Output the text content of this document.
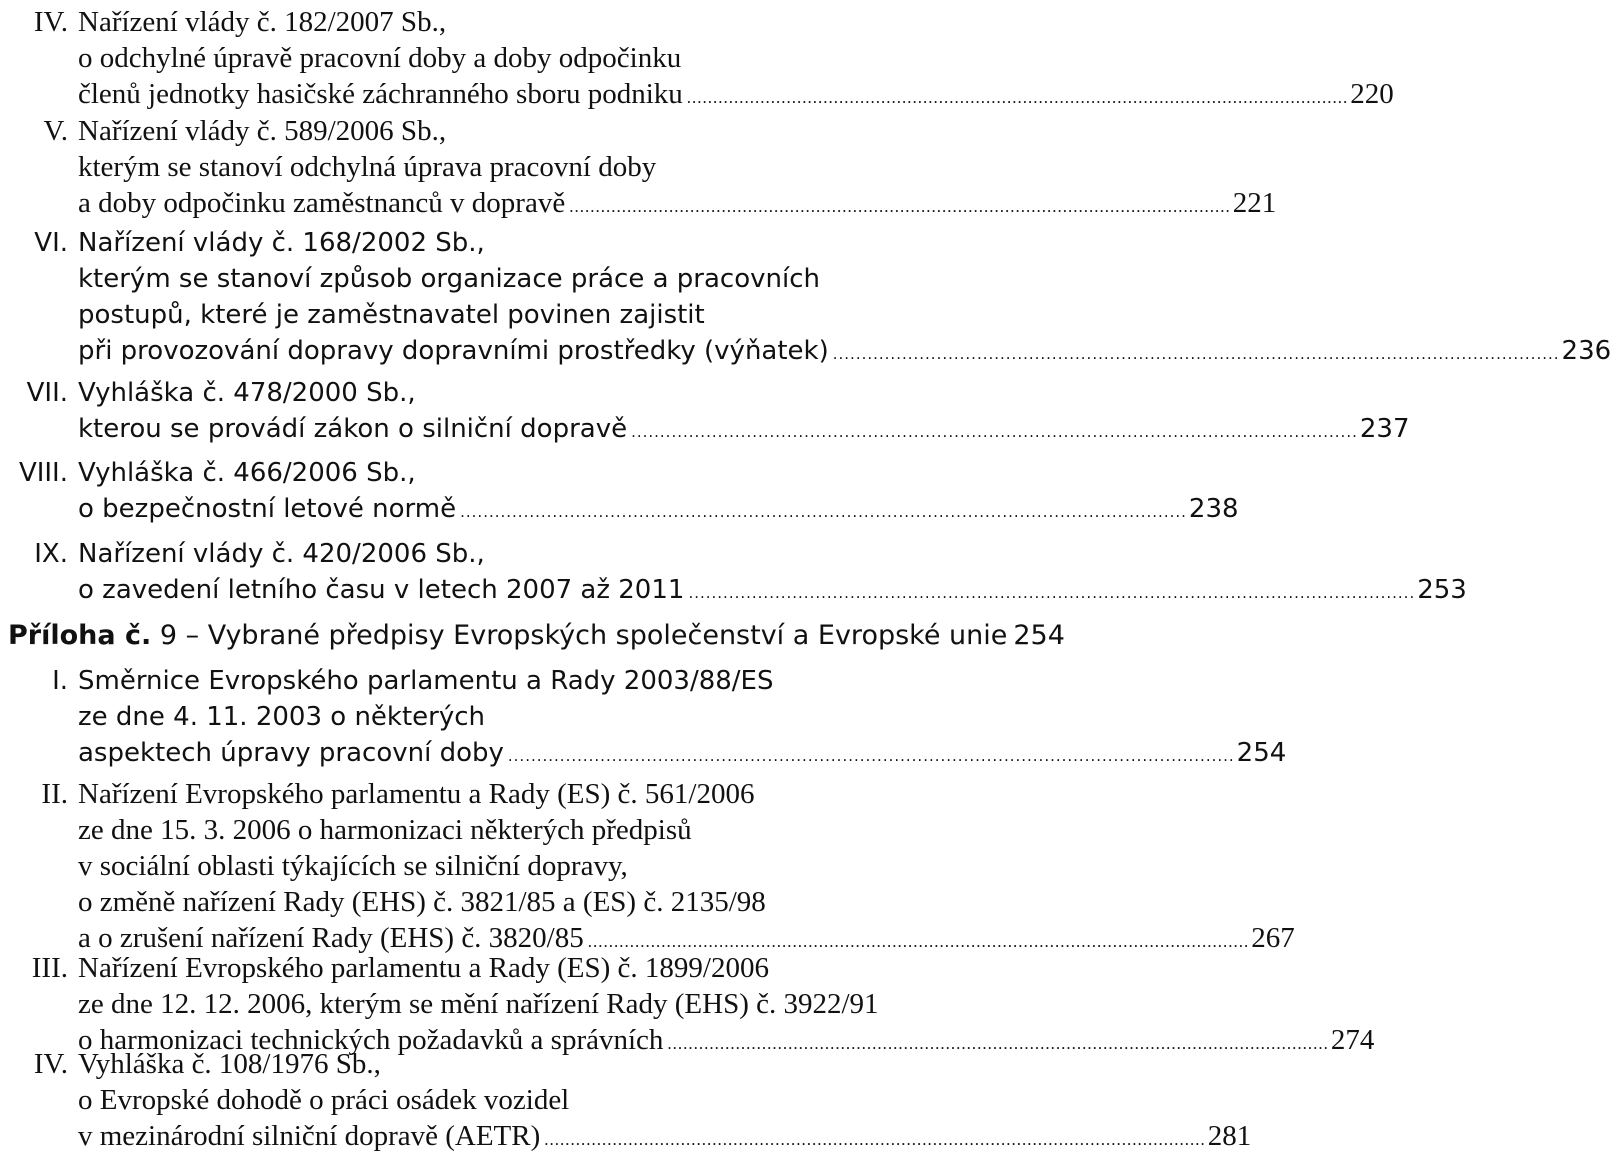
IV. Nařízení vlády č. 182/2007 Sb.,
o odchylné úpravě pracovní doby a doby odpočinku
členů jednotky hasičské záchranného sboru podniku .............................................................................................................................. 220
V. Nařízení vlády č. 589/2006 Sb.,
kterým se stanoví odchylná úprava pracovní doby
a doby odpočinku zaměstnanců v dopravě .............................................................................................................................. 221
VI. Nařízení vlády č. 168/2002 Sb.,
kterým se stanoví způsob organizace práce a pracovních
postupů, které je zaměstnavatel povinen zajistit
při provozování dopravy dopravními prostředky (výňatek) .............................................................................................................................. 236
VII. Vyhláška č. 478/2000 Sb.,
kterou se provádí zákon o silniční dopravě .............................................................................................................................. 237
VIII. Vyhláška č. 466/2006 Sb.,
o bezpečnostní letové normě .............................................................................................................................. 238
IX. Nařízení vlády č. 420/2006 Sb.,
o zavedení letního času v letech 2007 až 2011 .............................................................................................................................. 253
Příloha č. 9 – Vybrané předpisy Evropských společenství a Evropské unie 254
I. Směrnice Evropského parlamentu a Rady 2003/88/ES
ze dne 4. 11. 2003 o některých
aspektech úpravy pracovní doby .............................................................................................................................. 254
II. Nařízení Evropského parlamentu a Rady (ES) č. 561/2006
ze dne 15. 3. 2006 o harmonizaci některých předpisů
v sociální oblasti týkajících se silniční dopravy,
o změně nařízení Rady (EHS) č. 3821/85 a (ES) č. 2135/98
a o zrušení nařízení Rady (EHS) č. 3820/85 .............................................................................................................................. 267
III. Nařízení Evropského parlamentu a Rady (ES) č. 1899/2006
ze dne 12. 12. 2006, kterým se mění nařízení Rady (EHS) č. 3922/91
o harmonizaci technických požadavků a správních .............................................................................................................................. 274
IV. Vyhláška č. 108/1976 Sb.,
o Evropské dohodě o práci osádek vozidel
v mezinárodní silniční dopravě (AETR) .............................................................................................................................. 281
